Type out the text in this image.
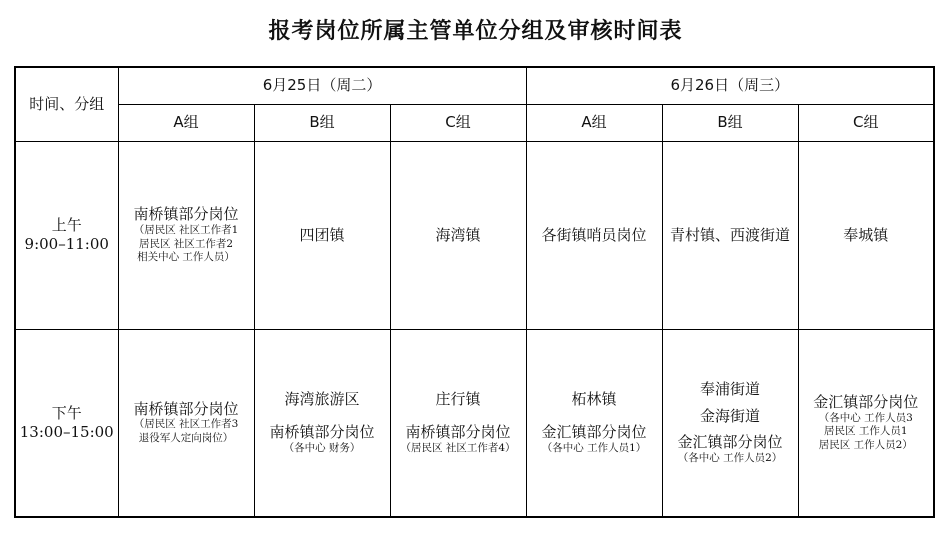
报考岗位所属主管单位分组及审核时间表
时间、分组	6月25日（周二）			6月26日（周三）		
	A组	B组	C组	A组	B组	C组

上午
9:00–11:00	南桥镇部分岗位
（居民区 社区工作者1
居民区 社区工作者2
相关中心 工作人员）	四团镇	海湾镇	各街镇哨员岗位	青村镇、西渡街道	奉城镇

下午
13:00–15:00	南桥镇部分岗位
（居民区 社区工作者3
退役军人定向岗位）	海湾旅游区
南桥镇部分岗位
（各中心 财务）	庄行镇
南桥镇部分岗位
（居民区 社区工作者4）	柘林镇
金汇镇部分岗位
（各中心 工作人员1）	奉浦街道
金海街道
金汇镇部分岗位
（各中心 工作人员2）	金汇镇部分岗位
（各中心 工作人员3
居民区 工作人员1
居民区 工作人员2）
